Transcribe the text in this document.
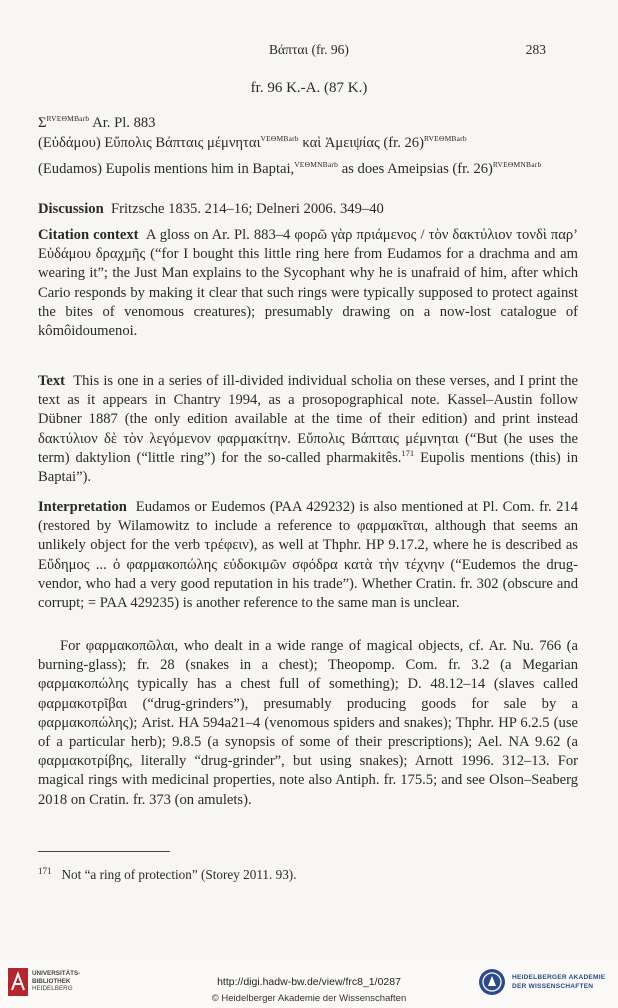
Βάπται (fr. 96)	283
fr. 96 K.-A. (87 K.)
$\Sigma^{RVE\Theta MBarb}$ Ar. Pl. 883
(Εὐδάμου) Εὔπολις Βάπταις μέμνηται$^{VE\Theta MBarb}$ καὶ Ἀμειψίας (fr. 26)$^{RVE\Theta MBarb}$
(Eudamos) Eupolis mentions him in Baptai,$^{VE\Theta MNBarb}$ as does Ameipsias (fr. 26)$^{RVE\Theta MNBarb}$
Discussion Fritzsche 1835. 214–16; Delneri 2006. 349–40
Citation context A gloss on Ar. Pl. 883–4 φορῶ γὰρ πριάμενος / τὸν δακτύλιον τονδὶ παρ’ Εὐδάμου δραχμῆς (“for I bought this little ring here from Eudamos for a drachma and am wearing it”; the Just Man explains to the Sycophant why he is unafraid of him, after which Cario responds by making it clear that such rings were typically supposed to protect against the bites of venomous creatures); presumably drawing on a now-lost catalogue of kômôidoumenoi.
Text This is one in a series of ill-divided individual scholia on these verses, and I print the text as it appears in Chantry 1994, as a prosopographical note. Kassel–Austin follow Dübner 1887 (the only edition available at the time of their edition) and print instead δακτύλιον δὲ τὸν λεγόμενον φαρμακίτην. Εὔπολις Βάπταις μέμνηται (“But (he uses the term) daktylion (“little ring”) for the so-called pharmakitês.$^{171}$ Eupolis mentions (this) in Baptai”).
Interpretation Eudamos or Eudemos (PAA 429232) is also mentioned at Pl. Com. fr. 214 (restored by Wilamowitz to include a reference to φαρμακῖται, although that seems an unlikely object for the verb τρέφειν), as well at Thphr. HP 9.17.2, where he is described as Εὔδημος ... ὁ φαρμακοπώλης εὐδοκιμῶν σφόδρα κατὰ τὴν τέχνην (“Eudemos the drug-vendor, who had a very good reputation in his trade”). Whether Cratin. fr. 302 (obscure and corrupt; = PAA 429235) is another reference to the same man is unclear.
For φαρμακοπῶλαι, who dealt in a wide range of magical objects, cf. Ar. Nu. 766 (a burning-glass); fr. 28 (snakes in a chest); Theopomp. Com. fr. 3.2 (a Megarian φαρμακοπώλης typically has a chest full of something); D. 48.12–14 (slaves called φαρμακοτρῖβαι (“drug-grinders”), presumably producing goods for sale by a φαρμακοπώλης); Arist. HA 594a21–4 (venomous spiders and snakes); Thphr. HP 6.2.5 (use of a particular herb); 9.8.5 (a synopsis of some of their prescriptions); Ael. NA 9.62 (a φαρμακοτρίβης, literally “drug-grinder”, but using snakes); Arnott 1996. 312–13. For magical rings with medicinal properties, note also Antiph. fr. 175.5; and see Olson–Seaberg 2018 on Cratin. fr. 373 (on amulets).
$^{171}$ Not “a ring of protection” (Storey 2011. 93).
UNIVERSITÄTS-
BIBLIOTHEK
HEIDELBERG
http://digi.hadw-bw.de/view/frc8_1/0287
© Heidelberger Akademie der Wissenschaften
HEIDELBERGER AKADEMIE
DER WISSENSCHAFTEN
